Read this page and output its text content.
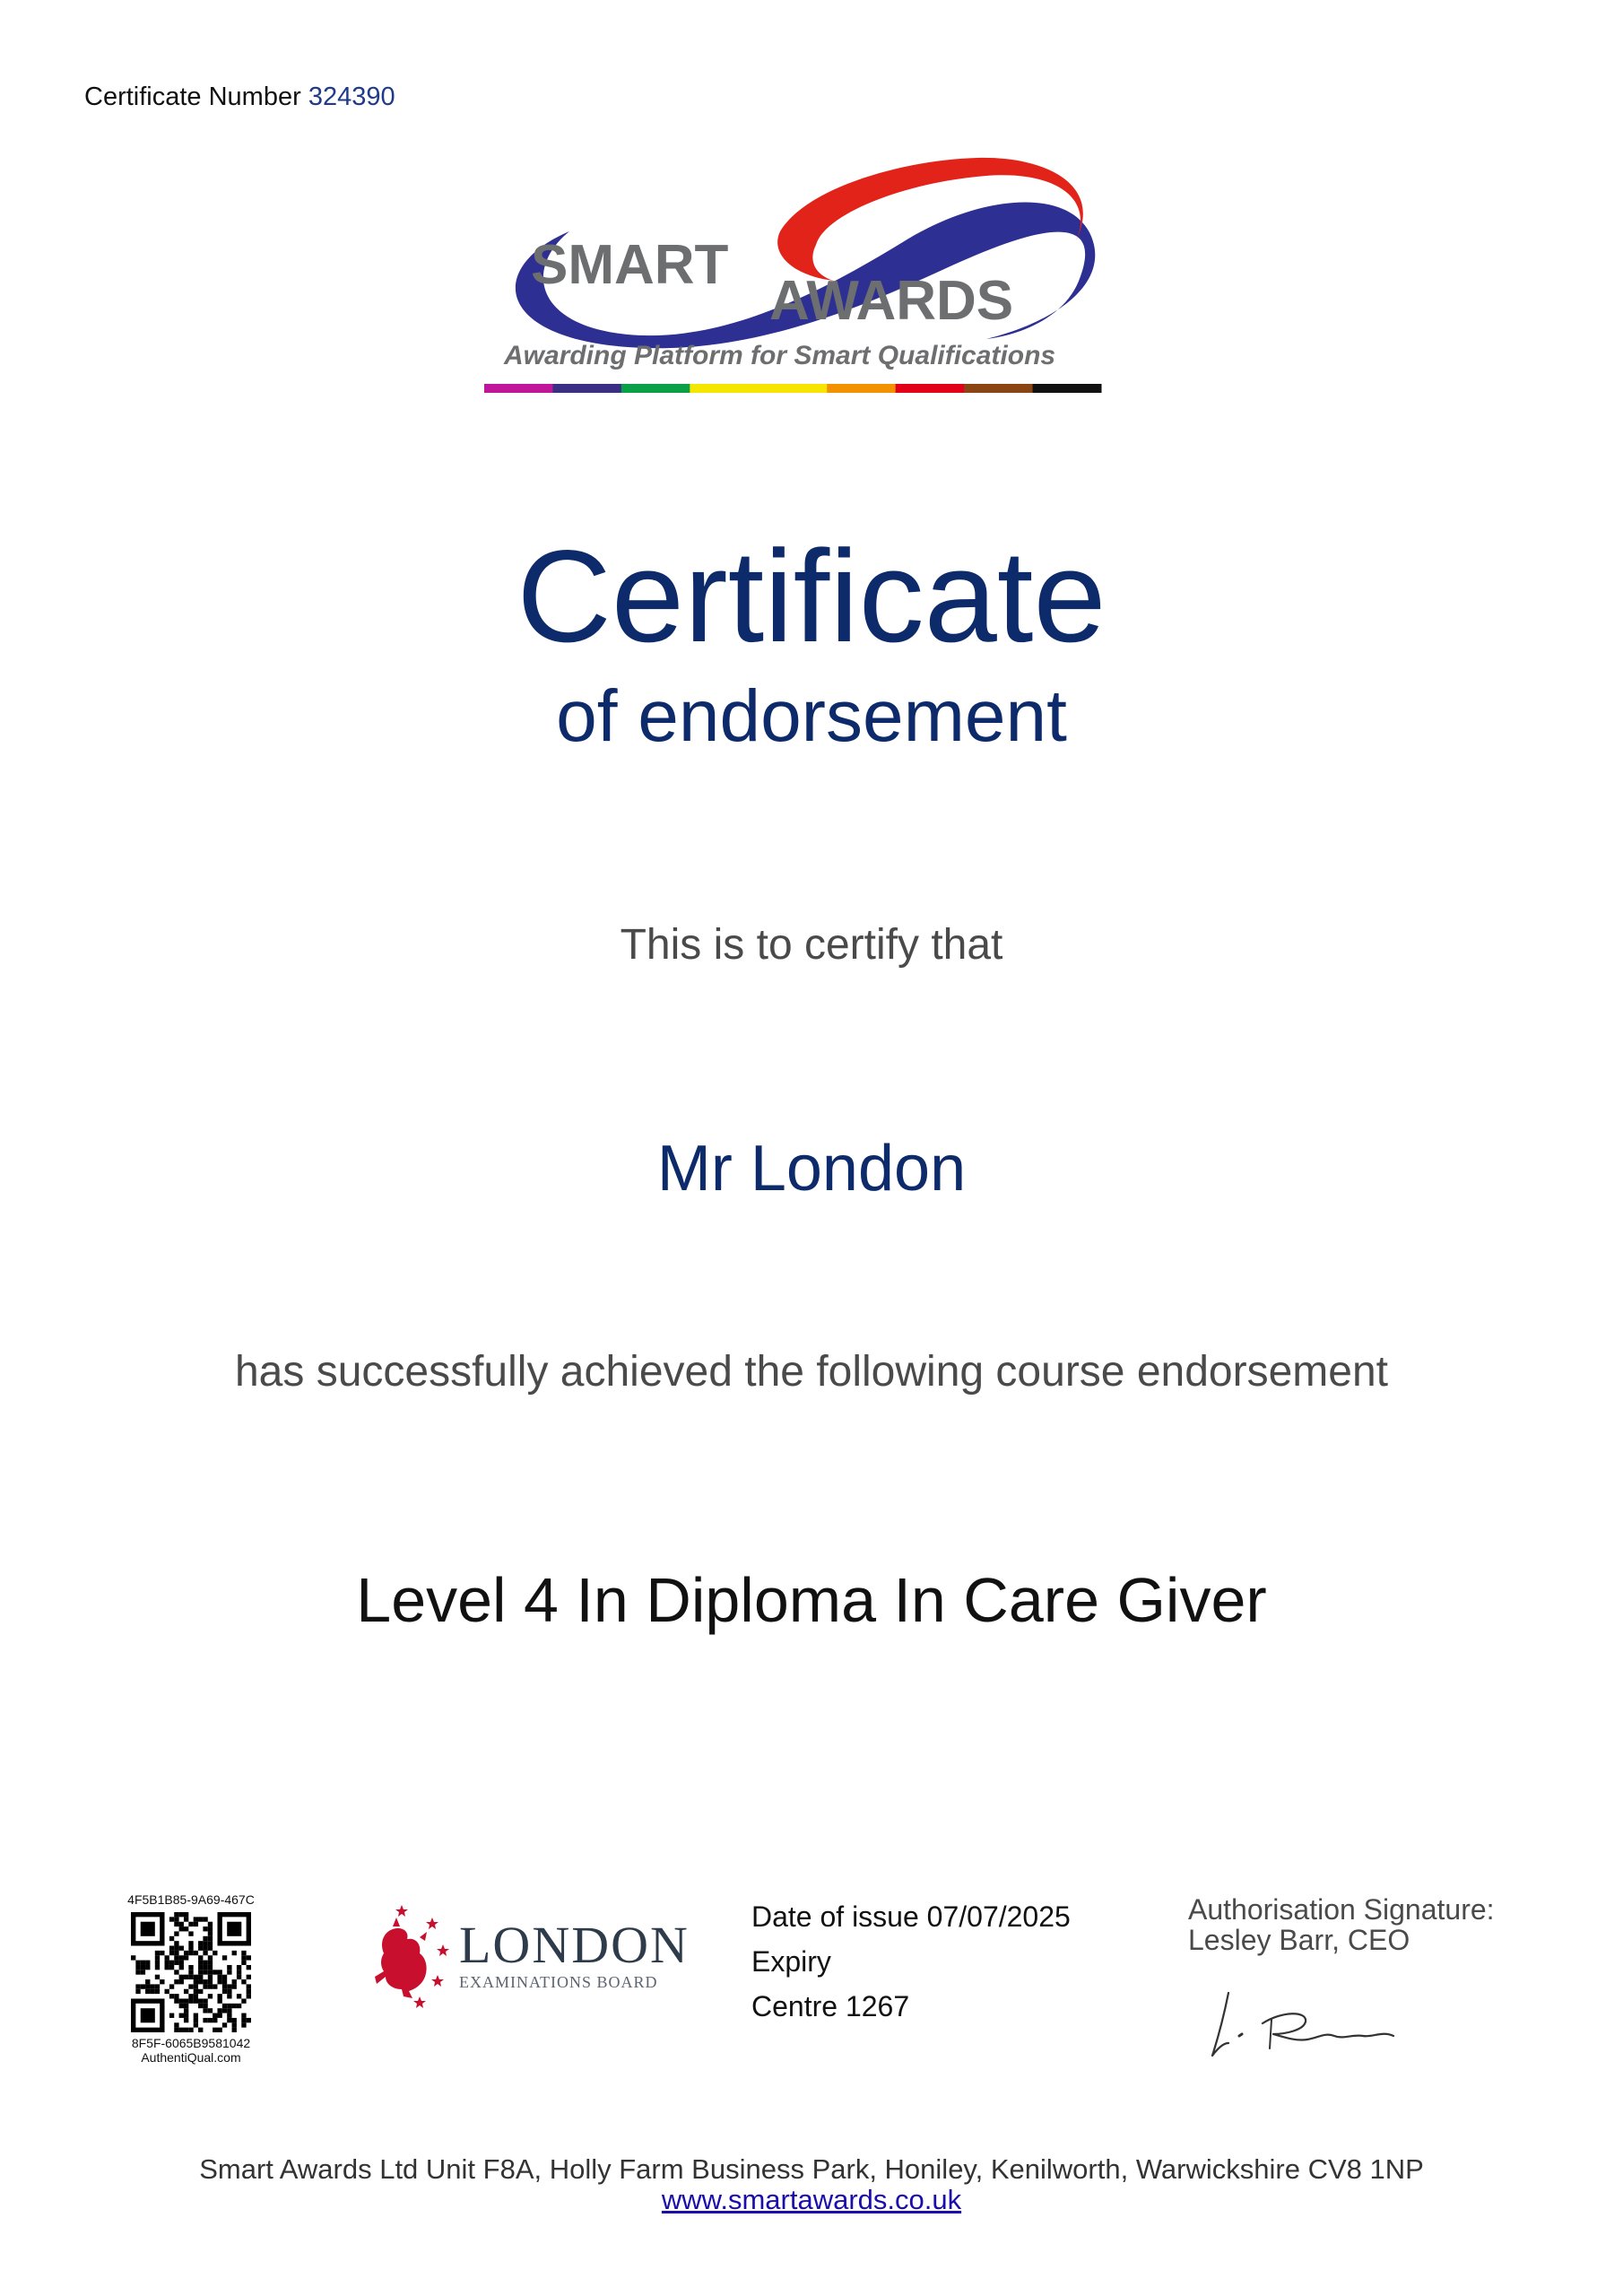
Certificate Number 324390
SMART
AWARDS
Awarding Platform for Smart Qualifications
Certificate
of endorsement
This is to certify that
Mr London
has successfully achieved the following course endorsement
Level 4 In Diploma In Care Giver
4F5B1B85-9A69-467C
8F5F-6065B9581042
AuthentiQual.com
LONDON
EXAMINATIONS BOARD
Date of issue 07/07/2025
Expiry
Centre 1267
Authorisation Signature:
Lesley Barr, CEO
Smart Awards Ltd Unit F8A, Holly Farm Business Park, Honiley, Kenilworth, Warwickshire CV8 1NP
www.smartawards.co.uk
